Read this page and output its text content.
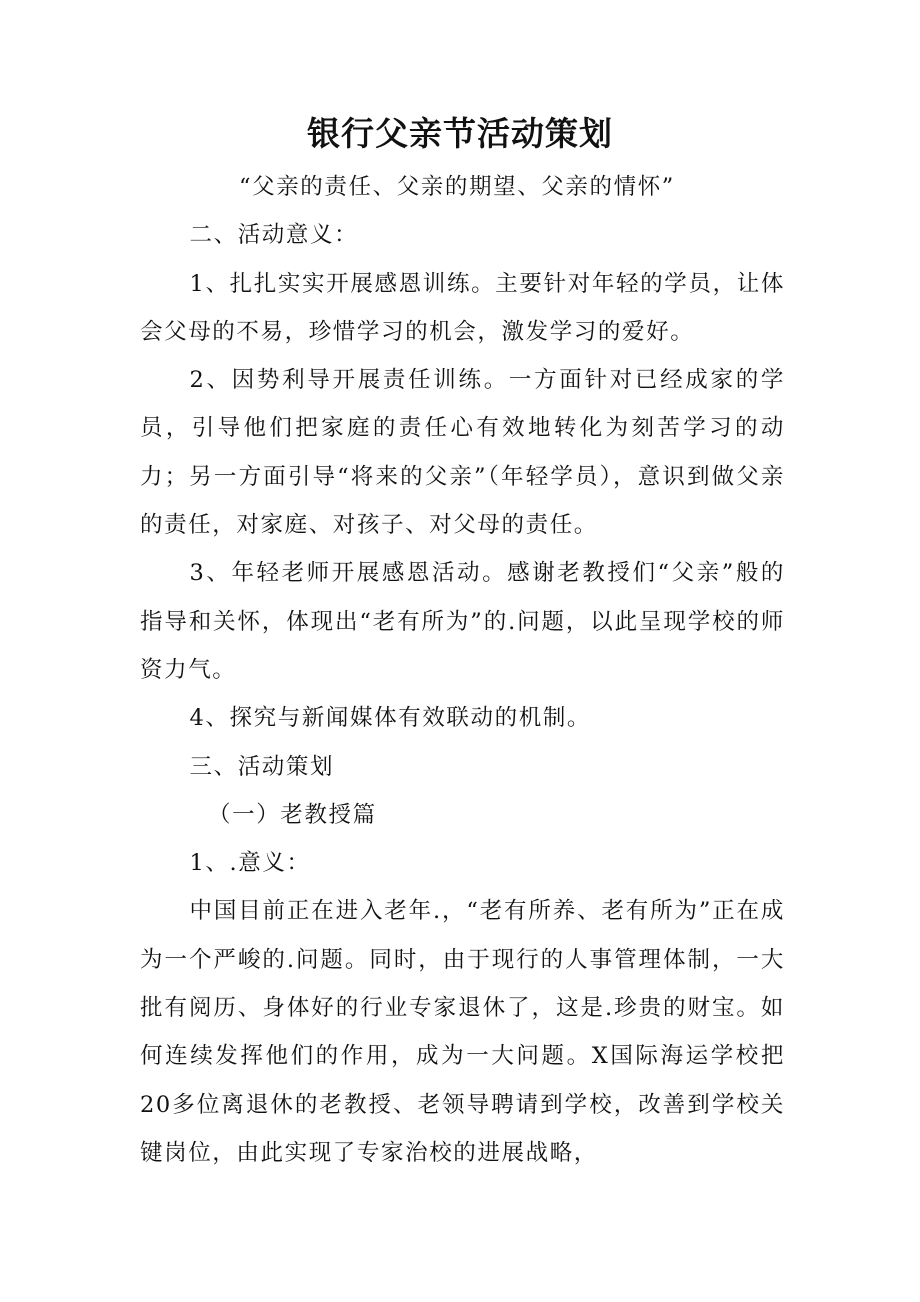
银行父亲节活动策划

“父亲的责任、父亲的期望、父亲的情怀”

二、活动意义：

1、扎扎实实开展感恩训练。主要针对年轻的学员，让体会父母的不易，珍惜学习的机会，激发学习的爱好。

2、因势利导开展责任训练。一方面针对已经成家的学员，引导他们把家庭的责任心有效地转化为刻苦学习的动力；另一方面引导“将来的父亲”（年轻学员），意识到做父亲的责任，对家庭、对孩子、对父母的责任。

3、年轻老师开展感恩活动。感谢老教授们“父亲”般的指导和关怀，体现出“老有所为”的.问题，以此呈现学校的师资力气。

4、探究与新闻媒体有效联动的机制。

三、活动策划

（一）老教授篇

1、.意义：

中国目前正在进入老年.，“老有所养、老有所为”正在成为一个严峻的.问题。同时，由于现行的人事管理体制，一大批有阅历、身体好的行业专家退休了，这是.珍贵的财宝。如何连续发挥他们的作用，成为一大问题。X国际海运学校把20多位离退休的老教授、老领导聘请到学校，改善到学校关键岗位，由此实现了专家治校的进展战略，
